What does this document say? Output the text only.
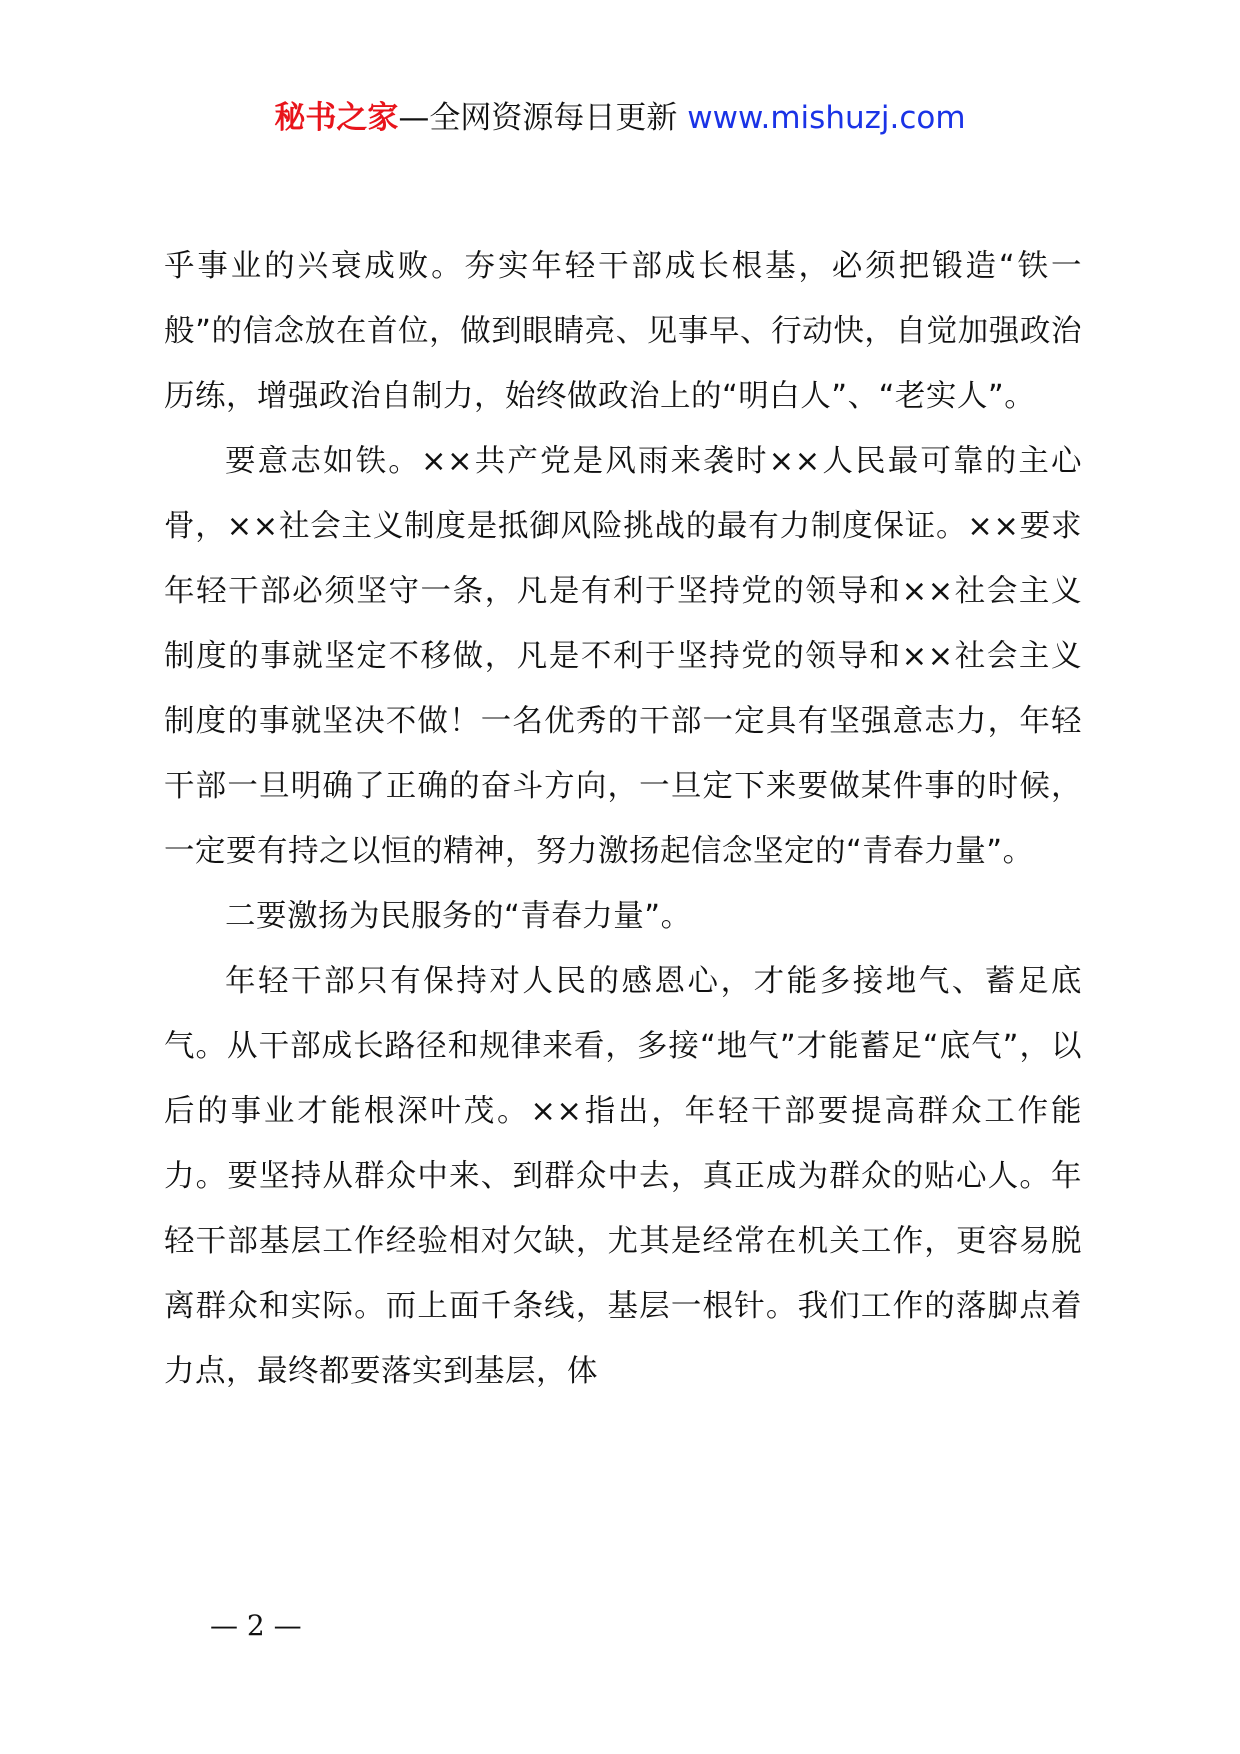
秘书之家—全网资源每日更新 www.mishuzj.com

乎事业的兴衰成败。夯实年轻干部成长根基，必须把锻造“铁一般”的信念放在首位，做到眼睛亮、见事早、行动快，自觉加强政治历练，增强政治自制力，始终做政治上的“明白人”、“老实人”。

要意志如铁。××共产党是风雨来袭时××人民最可靠的主心骨，××社会主义制度是抵御风险挑战的最有力制度保证。××要求年轻干部必须坚守一条，凡是有利于坚持党的领导和××社会主义制度的事就坚定不移做，凡是不利于坚持党的领导和××社会主义制度的事就坚决不做！一名优秀的干部一定具有坚强意志力，年轻干部一旦明确了正确的奋斗方向，一旦定下来要做某件事的时候，一定要有持之以恒的精神，努力激扬起信念坚定的“青春力量”。

二要激扬为民服务的“青春力量”。

年轻干部只有保持对人民的感恩心，才能多接地气、蓄足底气。从干部成长路径和规律来看，多接“地气”才能蓄足“底气”，以后的事业才能根深叶茂。××指出，年轻干部要提高群众工作能力。要坚持从群众中来、到群众中去，真正成为群众的贴心人。年轻干部基层工作经验相对欠缺，尤其是经常在机关工作，更容易脱离群众和实际。而上面千条线，基层一根针。我们工作的落脚点着力点，最终都要落实到基层，体

— 2 —
